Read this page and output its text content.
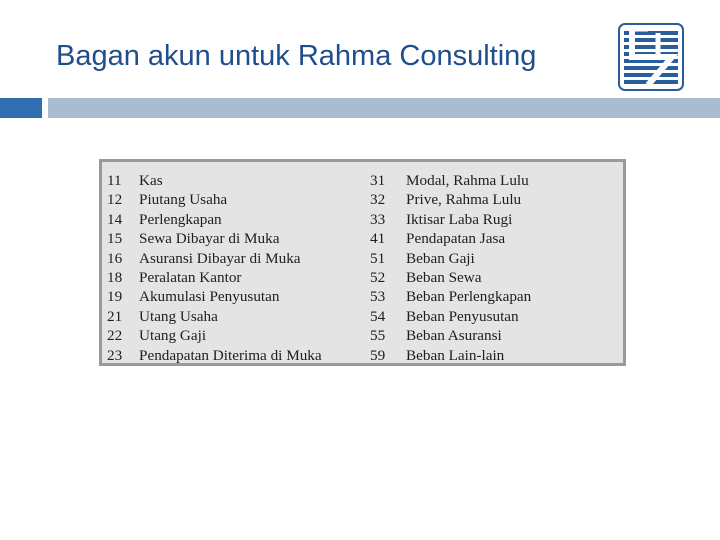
Bagan akun untuk Rahma Consulting
11
12
14
15
16
18
19
21
22
23
Kas
Piutang Usaha
Perlengkapan
Sewa Dibayar di Muka
Asuransi Dibayar di Muka
Peralatan Kantor
Akumulasi Penyusutan
Utang Usaha
Utang Gaji
Pendapatan Diterima di Muka
31
32
33
41
51
52
53
54
55
59
Modal, Rahma Lulu
Prive, Rahma Lulu
Iktisar Laba Rugi
Pendapatan Jasa
Beban Gaji
Beban Sewa
Beban Perlengkapan
Beban Penyusutan
Beban Asuransi
Beban Lain-lain
